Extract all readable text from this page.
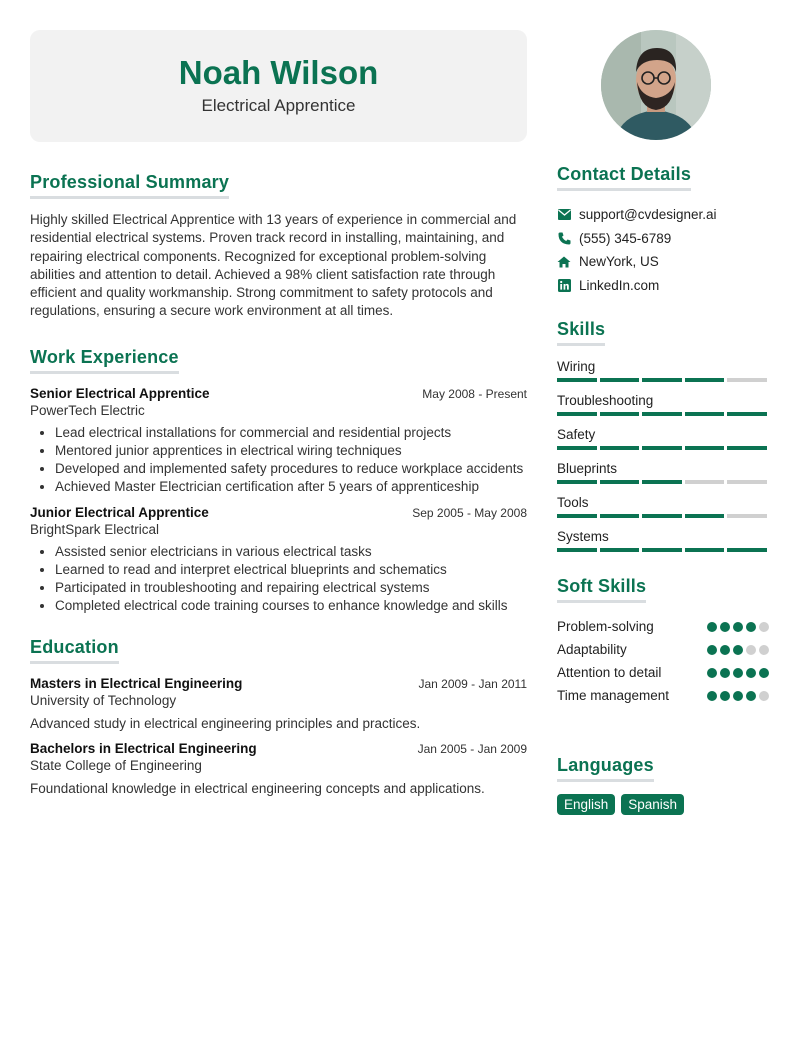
Noah Wilson
Electrical Apprentice
Professional Summary

Highly skilled Electrical Apprentice with 13 years of experience in commercial and residential electrical systems. Proven track record in installing, maintaining, and repairing electrical components. Recognized for exceptional problem-solving abilities and attention to detail. Achieved a 98% client satisfaction rate through efficient and quality workmanship. Strong commitment to safety protocols and regulations, ensuring a secure work environment at all times.

Work Experience
Senior Electrical Apprentice	May 2008 - Present
PowerTech Electric
• Lead electrical installations for commercial and residential projects
• Mentored junior apprentices in electrical wiring techniques
• Developed and implemented safety procedures to reduce workplace accidents
• Achieved Master Electrician certification after 5 years of apprenticeship
Junior Electrical Apprentice	Sep 2005 - May 2008
BrightSpark Electrical
• Assisted senior electricians in various electrical tasks
• Learned to read and interpret electrical blueprints and schematics
• Participated in troubleshooting and repairing electrical systems
• Completed electrical code training courses to enhance knowledge and skills
Education
Masters in Electrical Engineering	Jan 2009 - Jan 2011
University of Technology
Advanced study in electrical engineering principles and practices.
Bachelors in Electrical Engineering	Jan 2005 - Jan 2009
State College of Engineering
Foundational knowledge in electrical engineering concepts and applications.
Contact Details
support@cvdesigner.ai
(555) 345-6789
NewYork, US
LinkedIn.com
Skills
Wiring
Troubleshooting
Safety
Blueprints
Tools
Systems
Soft Skills
Problem-solving
Adaptability
Attention to detail
Time management
Languages
English	Spanish
